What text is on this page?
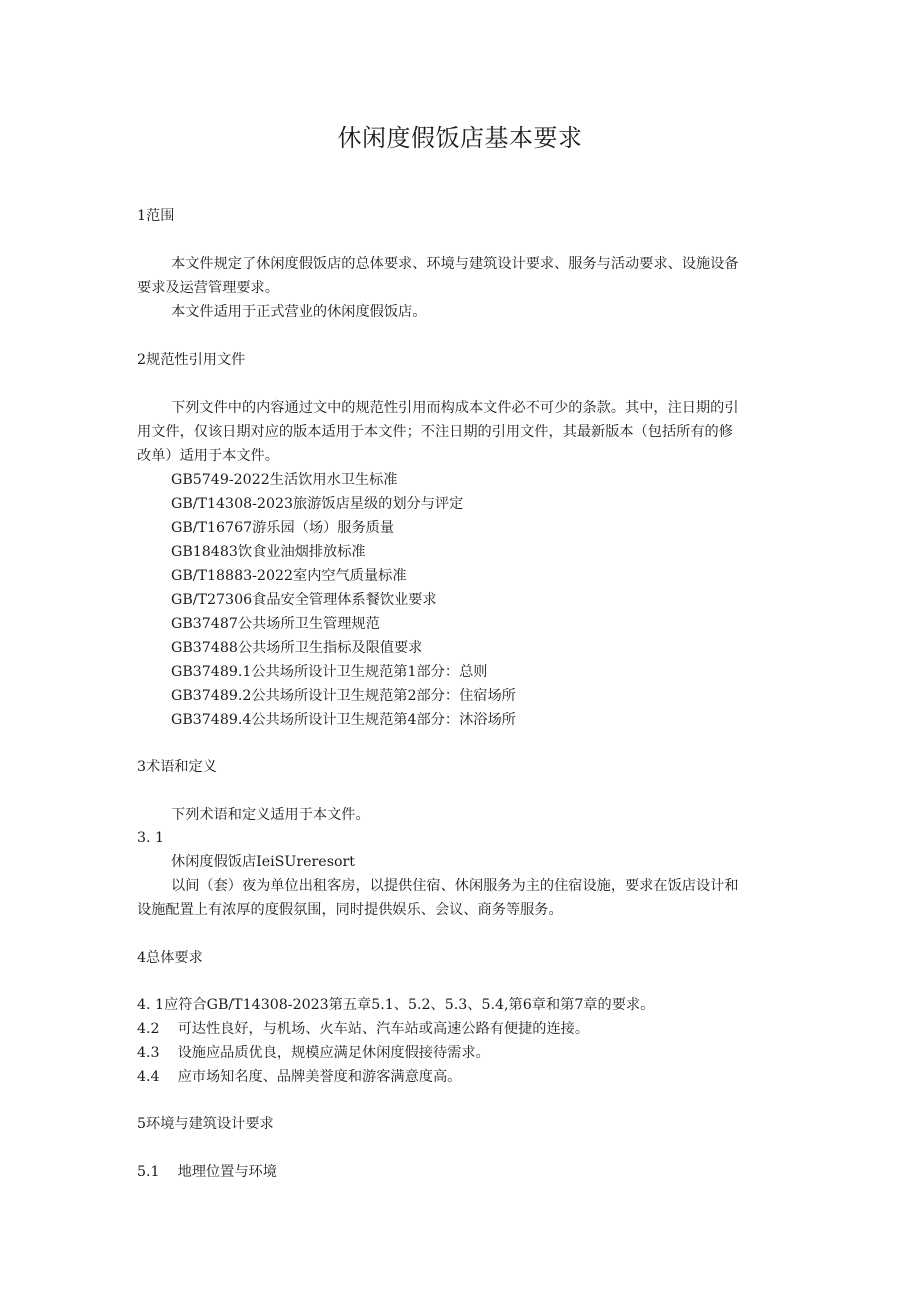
休闲度假饭店基本要求
1范围
本文件规定了休闲度假饭店的总体要求、环境与建筑设计要求、服务与活动要求、设施设备
要求及运营管理要求。
本文件适用于正式营业的休闲度假饭店。
2规范性引用文件
下列文件中的内容通过文中的规范性引用而构成本文件必不可少的条款。其中，注日期的引
用文件，仅该日期对应的版本适用于本文件；不注日期的引用文件，其最新版本（包括所有的修
改单）适用于本文件。
GB5749-2022生活饮用水卫生标准
GB/T14308-2023旅游饭店星级的划分与评定
GB/T16767游乐园（场）服务质量
GB18483饮食业油烟排放标准
GB/T18883-2022室内空气质量标准
GB/T27306食品安全管理体系餐饮业要求
GB37487公共场所卫生管理规范
GB37488公共场所卫生指标及限值要求
GB37489.1公共场所设计卫生规范第1部分：总则
GB37489.2公共场所设计卫生规范第2部分：住宿场所
GB37489.4公共场所设计卫生规范第4部分：沐浴场所
3术语和定义
下列术语和定义适用于本文件。
3. 1
休闲度假饭店IeiSUreresort
以间（套）夜为单位出租客房，以提供住宿、休闲服务为主的住宿设施，要求在饭店设计和
设施配置上有浓厚的度假氛围，同时提供娱乐、会议、商务等服务。
4总体要求
4. 1应符合GB/T14308-2023第五章5.1、5.2、5.3、5.4,第6章和第7章的要求。
4.2 可达性良好，与机场、火车站、汽车站或高速公路有便捷的连接。
4.3 设施应品质优良，规模应满足休闲度假接待需求。
4.4 应市场知名度、品牌美誉度和游客满意度高。
5环境与建筑设计要求
5.1 地理位置与环境
